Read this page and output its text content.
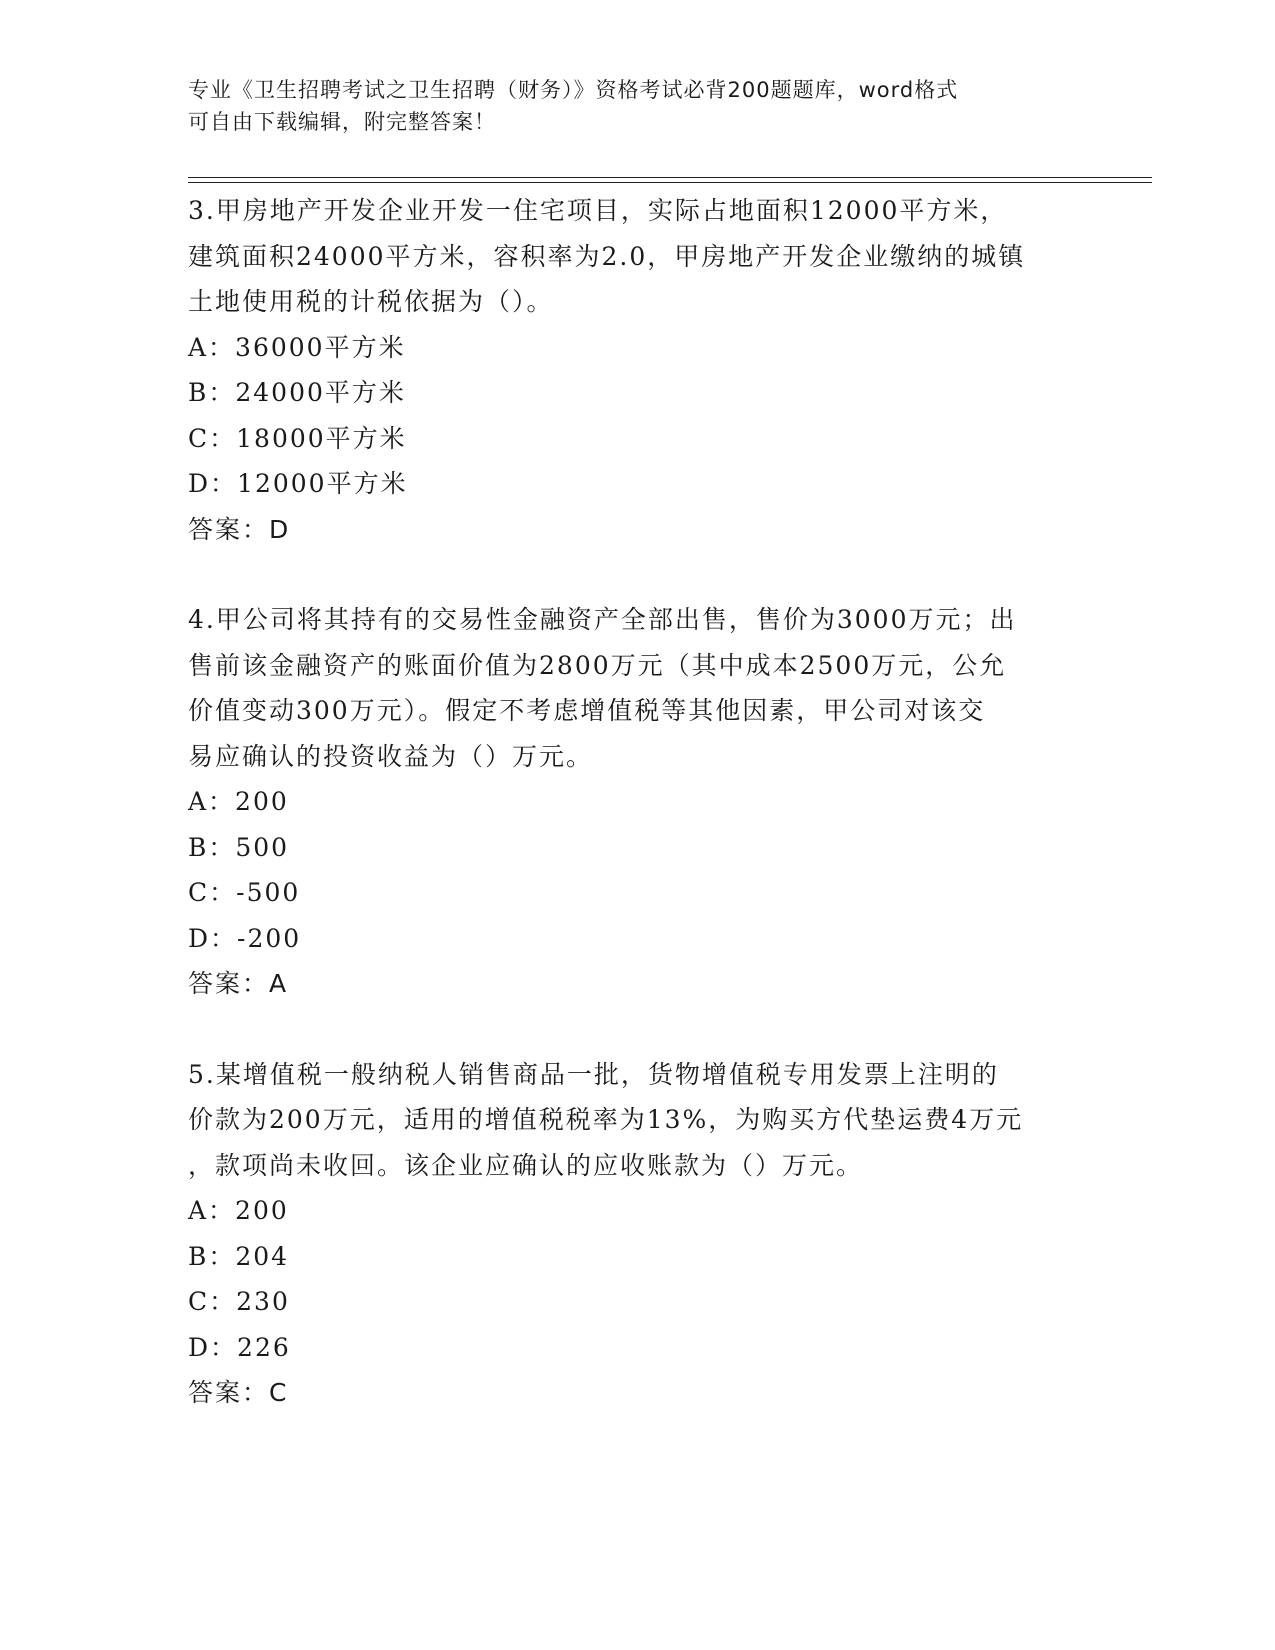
专业《卫生招聘考试之卫生招聘（财务）》资格考试必背200题题库，word格式
可自由下载编辑，附完整答案！
3.甲房地产开发企业开发一住宅项目，实际占地面积12000平方米，
建筑面积24000平方米，容积率为2.0，甲房地产开发企业缴纳的城镇
土地使用税的计税依据为（）。
A：36000平方米
B：24000平方米
C：18000平方米
D：12000平方米
答案：D
4.甲公司将其持有的交易性金融资产全部出售，售价为3000万元；出
售前该金融资产的账面价值为2800万元（其中成本2500万元，公允
价值变动300万元）。假定不考虑增值税等其他因素，甲公司对该交
易应确认的投资收益为（）万元。
A：200
B：500
C：-500
D：-200
答案：A
5.某增值税一般纳税人销售商品一批，货物增值税专用发票上注明的
价款为200万元，适用的增值税税率为13%，为购买方代垫运费4万元
，款项尚未收回。该企业应确认的应收账款为（）万元。
A：200
B：204
C：230
D：226
答案：C
